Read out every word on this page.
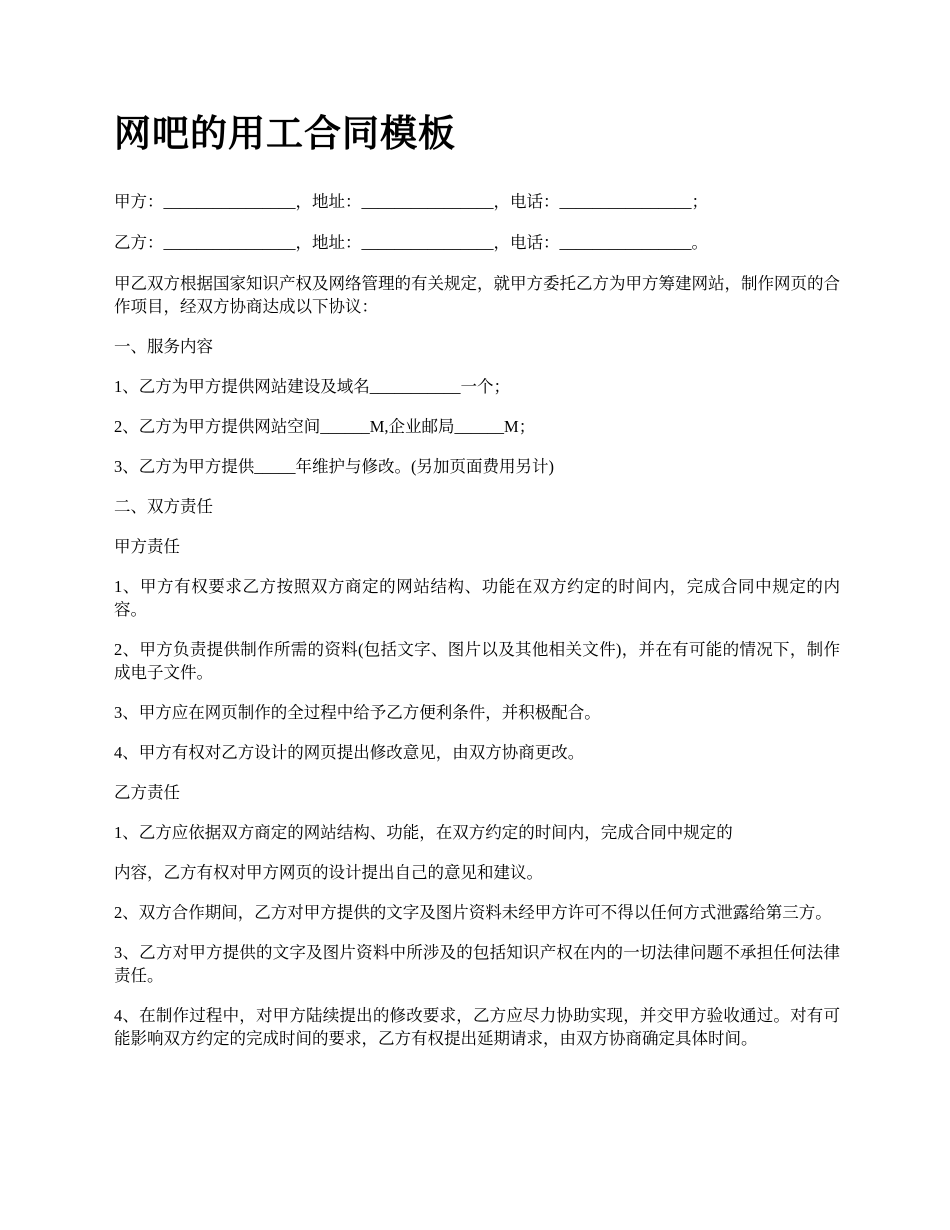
网吧的用工合同模板
甲方：________________，地址：________________，电话：________________；
乙方：________________，地址：________________，电话：________________。
甲乙双方根据国家知识产权及网络管理的有关规定，就甲方委托乙方为甲方筹建网站，制作网页的合作项目，经双方协商达成以下协议：
一、服务内容
1、乙方为甲方提供网站建设及域名___________一个；
2、乙方为甲方提供网站空间______M,企业邮局______M；
3、乙方为甲方提供_____年维护与修改。(另加页面费用另计)
二、双方责任
甲方责任
1、甲方有权要求乙方按照双方商定的网站结构、功能在双方约定的时间内，完成合同中规定的内容。
2、甲方负责提供制作所需的资料(包括文字、图片以及其他相关文件)，并在有可能的情况下，制作成电子文件。
3、甲方应在网页制作的全过程中给予乙方便利条件，并积极配合。
4、甲方有权对乙方设计的网页提出修改意见，由双方协商更改。
乙方责任
1、乙方应依据双方商定的网站结构、功能，在双方约定的时间内，完成合同中规定的
内容，乙方有权对甲方网页的设计提出自己的意见和建议。
2、双方合作期间，乙方对甲方提供的文字及图片资料未经甲方许可不得以任何方式泄露给第三方。
3、乙方对甲方提供的文字及图片资料中所涉及的包括知识产权在内的一切法律问题不承担任何法律责任。
4、在制作过程中，对甲方陆续提出的修改要求，乙方应尽力协助实现，并交甲方验收通过。对有可能影响双方约定的完成时间的要求，乙方有权提出延期请求，由双方协商确定具体时间。
